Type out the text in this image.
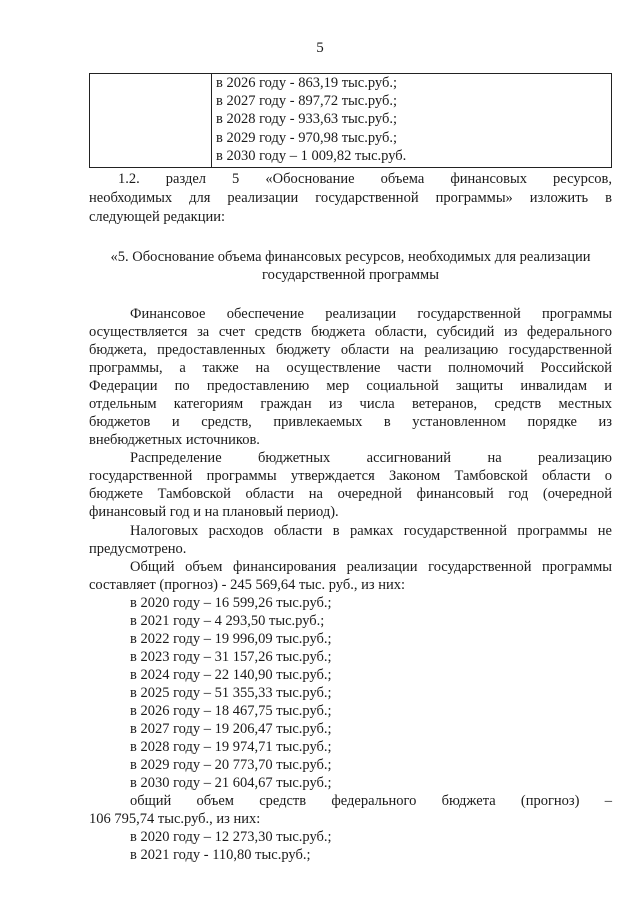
5

в 2026 году - 863,19 тыс.руб.;
в 2027 году - 897,72 тыс.руб.;
в 2028 году - 933,63 тыс.руб.;
в 2029 году - 970,98 тыс.руб.;
в 2030 году – 1 009,82 тыс.руб.
1.2. раздел 5 «Обоснование объема финансовых ресурсов,
необходимых для реализации государственной программы» изложить в
следующей редакции:
«5. Обоснование объема финансовых ресурсов, необходимых для реализации
государственной программы
Финансовое обеспечение реализации государственной программы
осуществляется за счет средств бюджета области, субсидий из федерального
бюджета, предоставленных бюджету области на реализацию государственной
программы, а также на осуществление части полномочий Российской
Федерации по предоставлению мер социальной защиты инвалидам и
отдельным категориям граждан из числа ветеранов, средств местных
бюджетов и средств, привлекаемых в установленном порядке из
внебюджетных источников.
Распределение бюджетных ассигнований на реализацию
государственной программы утверждается Законом Тамбовской области о
бюджете Тамбовской области на очередной финансовый год (очередной
финансовый год и на плановый период).
Налоговых расходов области в рамках государственной программы не
предусмотрено.
Общий объем финансирования реализации государственной программы
составляет (прогноз) - 245 569,64 тыс. руб., из них:
в 2020 году – 16 599,26 тыс.руб.;
в 2021 году – 4 293,50 тыс.руб.;
в 2022 году – 19 996,09 тыс.руб.;
в 2023 году – 31 157,26 тыс.руб.;
в 2024 году – 22 140,90 тыс.руб.;
в 2025 году – 51 355,33 тыс.руб.;
в 2026 году – 18 467,75 тыс.руб.;
в 2027 году – 19 206,47 тыс.руб.;
в 2028 году – 19 974,71 тыс.руб.;
в 2029 году – 20 773,70 тыс.руб.;
в 2030 году – 21 604,67 тыс.руб.;
общий объем средств федерального бюджета (прогноз) –
106 795,74 тыс.руб., из них:
в 2020 году – 12 273,30 тыс.руб.;
в 2021 году - 110,80 тыс.руб.;
